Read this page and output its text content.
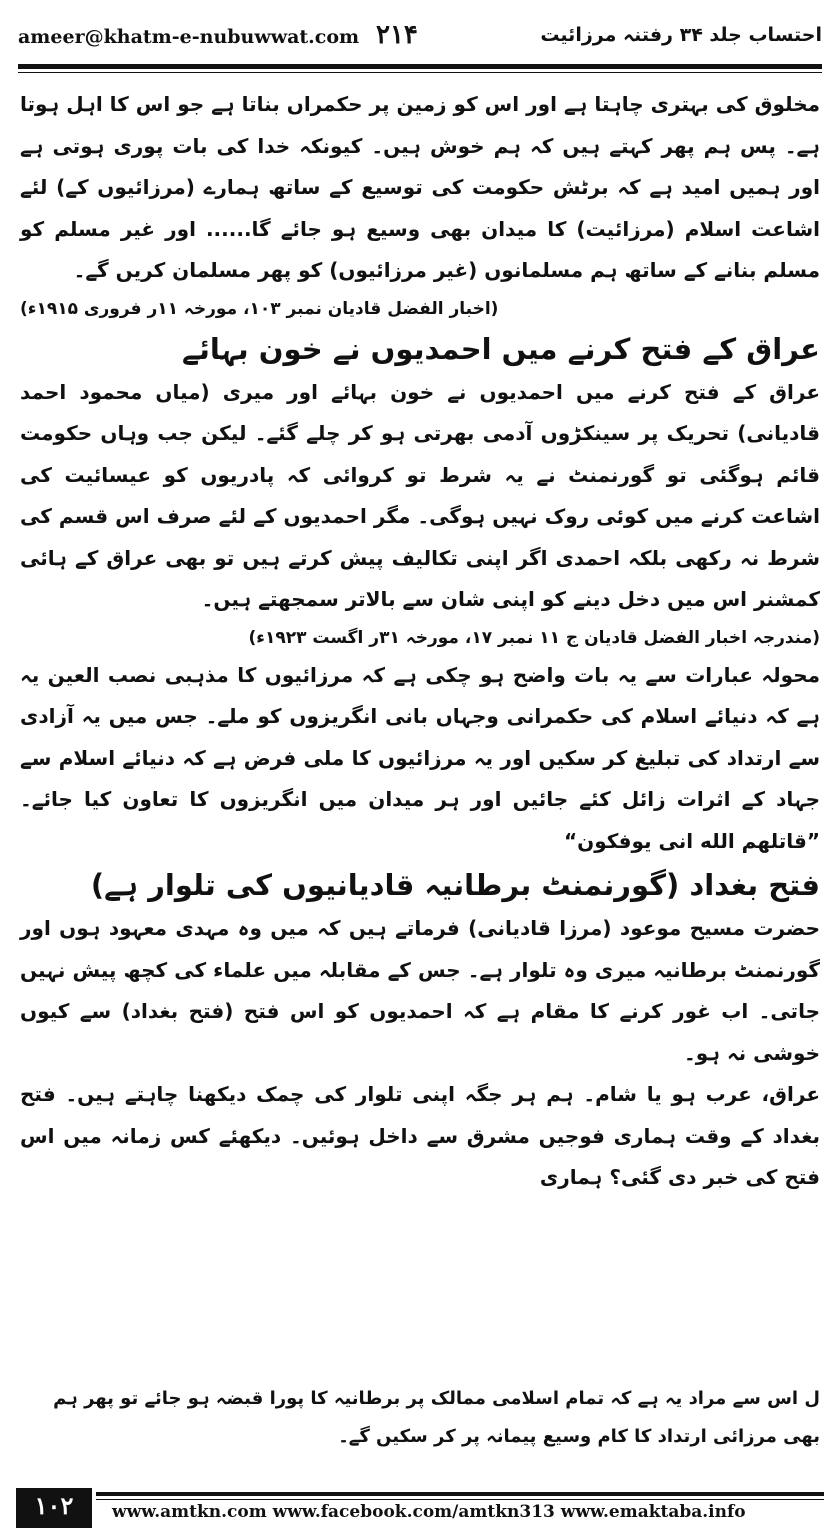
ameer@khatm-e-nubuwwat.com ۲۱۴	احتساب جلد ۳۴ رفتنہ مرزائیت

مخلوق کی بہتری چاہتا ہے اور اس کو زمین پر حکمراں بناتا ہے جو اس کا اہل ہوتا ہے۔ پس ہم پھر کہتے ہیں کہ ہم خوش ہیں۔ کیونکہ خدا کی بات پوری ہوتی ہے اور ہمیں امید ہے کہ برٹش حکومت کی توسیع کے ساتھ ہمارے (مرزائیوں کے) لئے اشاعت اسلام (مرزائیت) کا میدان بھی وسیع ہو جائے گا...... اور غیر مسلم کو مسلم بنانے کے ساتھ ہم مسلمانوں (غیر مرزائیوں) کو پھر مسلمان کریں گے۔

(اخبار الفضل قادیان نمبر ۱۰۳، مورخہ ۱۱ر فروری ۱۹۱۵ء)
عراق کے فتح کرنے میں احمدیوں نے خون بہائے

عراق کے فتح کرنے میں احمدیوں نے خون بہائے اور میری (میاں محمود احمد قادیانی) تحریک پر سینکڑوں آدمی بھرتی ہو کر چلے گئے۔ لیکن جب وہاں حکومت قائم ہوگئی تو گورنمنٹ نے یہ شرط تو کروائی کہ پادریوں کو عیسائیت کی اشاعت کرنے میں کوئی روک نہیں ہوگی۔ مگر احمدیوں کے لئے صرف اس قسم کی شرط نہ رکھی بلکہ احمدی اگر اپنی تکالیف پیش کرتے ہیں تو بھی عراق کے ہائی کمشنر اس میں دخل دینے کو اپنی شان سے بالاتر سمجھتے ہیں۔

(مندرجہ اخبار الفضل قادیان ج ۱۱ نمبر ۱۷، مورخہ ۳۱ر اگست ۱۹۲۳ء)

محولہ عبارات سے یہ بات واضح ہو چکی ہے کہ مرزائیوں کا مذہبی نصب العین یہ ہے کہ دنیائے اسلام کی حکمرانی وجہاں بانی انگریزوں کو ملے۔ جس میں یہ آزادی سے ارتداد کی تبلیغ کر سکیں اور یہ مرزائیوں کا ملی فرض ہے کہ دنیائے اسلام سے جہاد کے اثرات زائل کئے جائیں اور ہر میدان میں انگریزوں کا تعاون کیا جائے۔ ”قاتلهم الله انی یوفکون“

فتح بغداد (گورنمنٹ برطانیہ قادیانیوں کی تلوار ہے)

حضرت مسیح موعود (مرزا قادیانی) فرماتے ہیں کہ میں وہ مہدی معہود ہوں اور گورنمنٹ برطانیہ میری وہ تلوار ہے۔ جس کے مقابلہ میں علماء کی کچھ پیش نہیں جاتی۔ اب غور کرنے کا مقام ہے کہ احمدیوں کو اس فتح (فتح بغداد) سے کیوں خوشی نہ ہو۔

عراق، عرب ہو یا شام۔ ہم ہر جگہ اپنی تلوار کی چمک دیکھنا چاہتے ہیں۔ فتح بغداد کے وقت ہماری فوجیں مشرق سے داخل ہوئیں۔ دیکھئے کس زمانہ میں اس فتح کی خبر دی گئی؟ ہماری

ل اس سے مراد یہ ہے کہ تمام اسلامی ممالک پر برطانیہ کا پورا قبضہ ہو جائے تو پھر ہم بھی مرزائی ارتداد کا کام وسیع پیمانہ پر کر سکیں گے۔
۱۰۲	www.amtkn.com www.facebook.com/amtkn313 www.emaktaba.info
